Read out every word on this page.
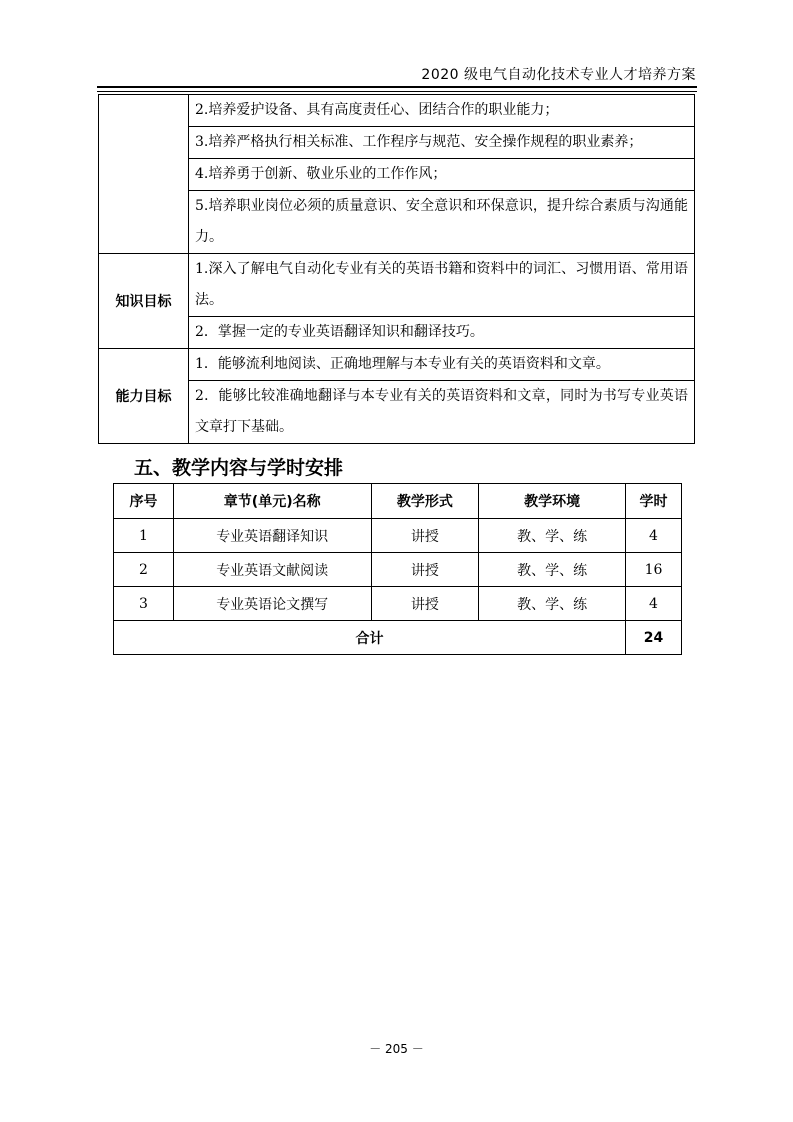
2020 级电气自动化技术专业人才培养方案
	2.培养爱护设备、具有高度责任心、团结合作的职业能力；
	3.培养严格执行相关标准、工作程序与规范、安全操作规程的职业素养；
	4.培养勇于创新、敬业乐业的工作作风；
	5.培养职业岗位必须的质量意识、安全意识和环保意识，提升综合素质与沟通能力。
知识目标	1.深入了解电气自动化专业有关的英语书籍和资料中的词汇、习惯用语、常用语法。
	2．掌握一定的专业英语翻译知识和翻译技巧。
能力目标	1．能够流利地阅读、正确地理解与本专业有关的英语资料和文章。
	2．能够比较准确地翻译与本专业有关的英语资料和文章，同时为书写专业英语文章打下基础。
五、教学内容与学时安排
序号	章节(单元)名称	教学形式	教学环境	学时
1	专业英语翻译知识	讲授	教、学、练	4
2	专业英语文献阅读	讲授	教、学、练	16
3	专业英语论文撰写	讲授	教、学、练	4
合计				24
－ 205 －
